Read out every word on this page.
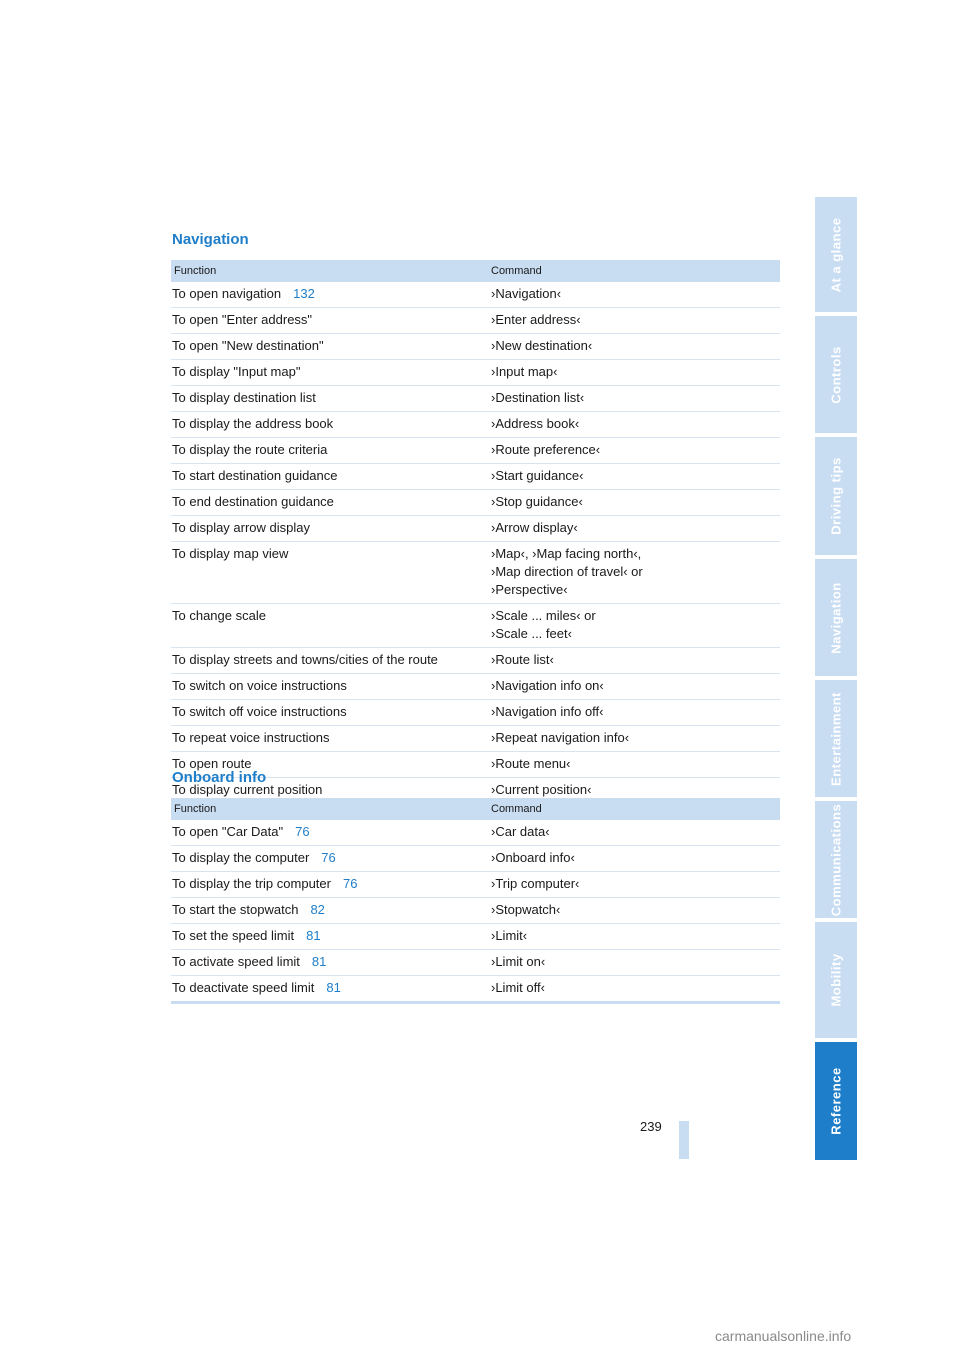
Navigation
Function	Command
To open navigation 132	›Navigation‹

To open "Enter address"	›Enter address‹

To open "New destination"	›New destination‹

To display "Input map"	›Input map‹

To display destination list	›Destination list‹

To display the address book	›Address book‹

To display the route criteria	›Route preference‹

To start destination guidance	›Start guidance‹

To end destination guidance	›Stop guidance‹

To display arrow display	›Arrow display‹

To display map view	›Map‹, ›Map facing north‹,
›Map direction of travel‹ or
›Perspective‹

To change scale	›Scale ... miles‹ or
›Scale ... feet‹

To display streets and towns/cities of the route	›Route list‹

To switch on voice instructions	›Navigation info on‹

To switch off voice instructions	›Navigation info off‹

To repeat voice instructions	›Repeat navigation info‹

To open route	›Route menu‹

To display current position	›Current position‹
Onboard info
Function	Command
To open "Car Data" 76	›Car data‹

To display the computer 76	›Onboard info‹

To display the trip computer 76	›Trip computer‹

To start the stopwatch 82	›Stopwatch‹

To set the speed limit 81	›Limit‹

To activate speed limit 81	›Limit on‹

To deactivate speed limit 81	›Limit off‹
At a glance
Controls
Driving tips
Navigation
Entertainment
Communications
Mobility
Reference
239
carmanualsonline.info
